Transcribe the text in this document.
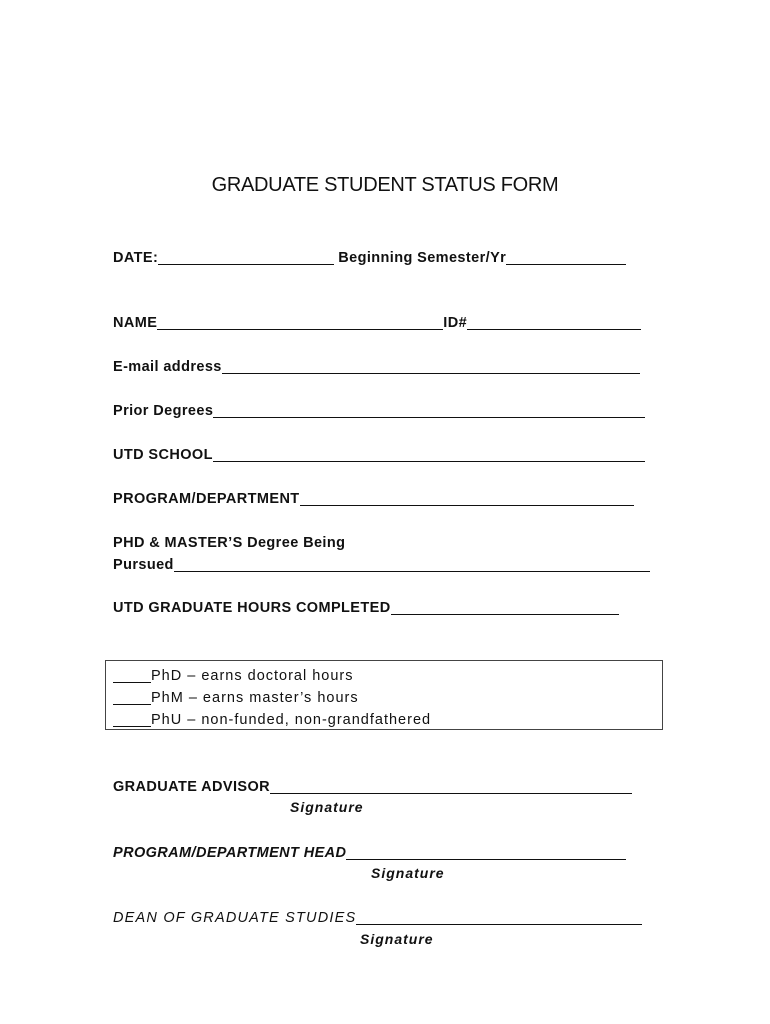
GRADUATE STUDENT STATUS FORM
DATE:	Beginning Semester/Yr
NAME	ID#
E-mail address
Prior Degrees
UTD SCHOOL
PROGRAM/DEPARTMENT
PHD & MASTER’S Degree Being
Pursued
UTD GRADUATE HOURS COMPLETED
PhD – earns doctoral hours
PhM – earns master’s hours
PhU – non-funded, non-grandfathered
GRADUATE ADVISOR
Signature
PROGRAM/DEPARTMENT HEAD
Signature
DEAN OF GRADUATE STUDIES
Signature
